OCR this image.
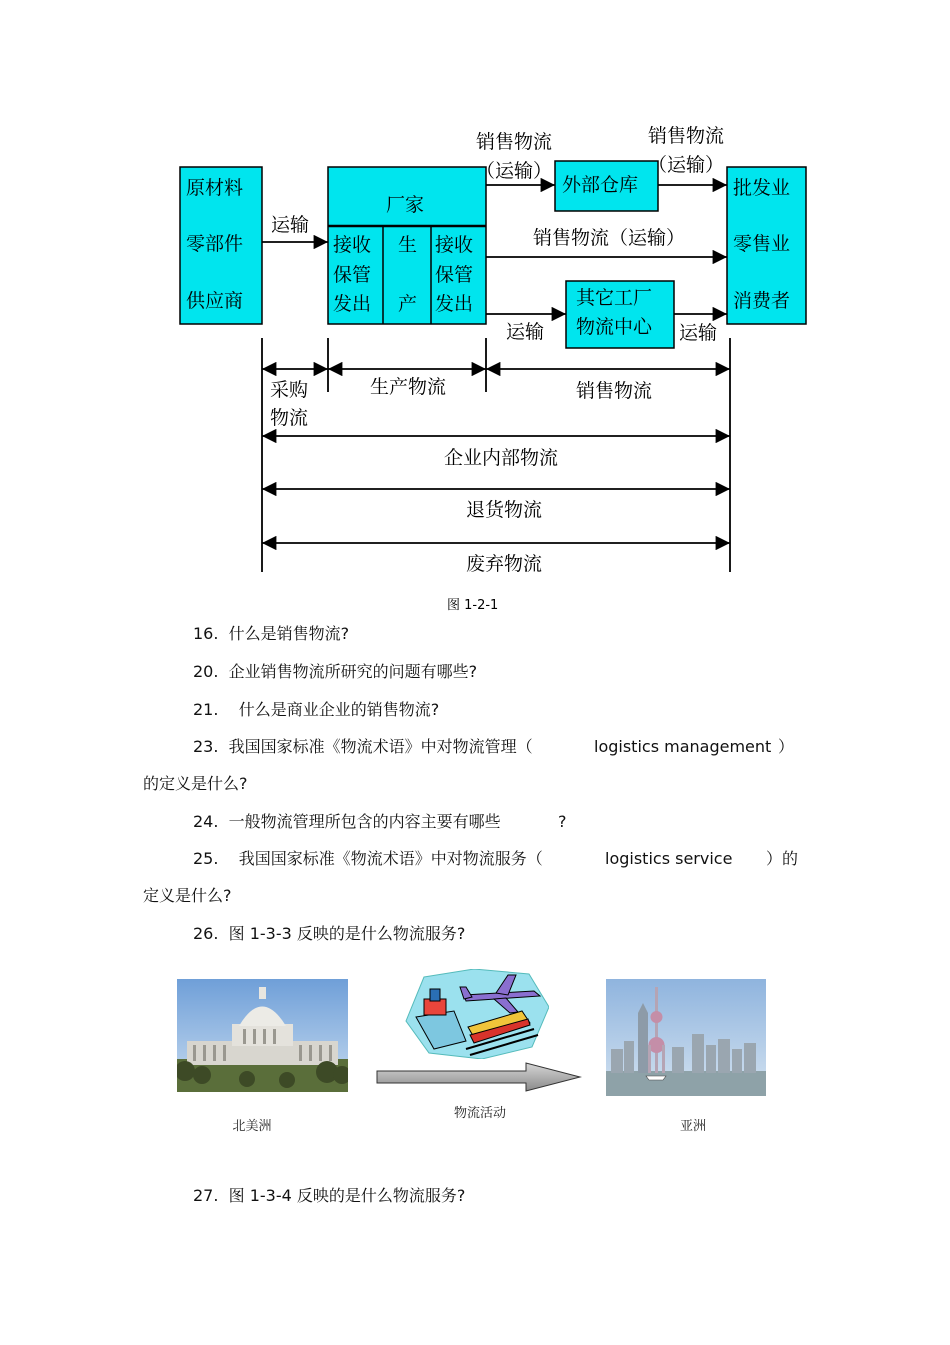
原材料
零部件
供应商
厂家
接收
保管
发出
生
产
接收
保管
发出
外部仓库
其它工厂
物流中心
批发业
零售业
消费者
运输
销售物流
（运输）
销售物流
（运输）
销售物流（运输）
运输	运输
采购
物流
生产物流	销售物流
企业内部物流
退货物流
废弃物流
图 1-2-1
16. 什么是销售物流?
20. 企业销售物流所研究的问题有哪些?
21. 什么是商业企业的销售物流?
23. 我国国家标准《物流术语》中对物流管理（	logistics management ）
的定义是什么?
24. 一般物流管理所包含的内容主要有哪些	?
25. 我国国家标准《物流术语》中对物流服务（	logistics service ）的
定义是什么?
26. 图 1-3-3 反映的是什么物流服务?
北美洲
物流活动
亚洲
27. 图 1-3-4 反映的是什么物流服务?
